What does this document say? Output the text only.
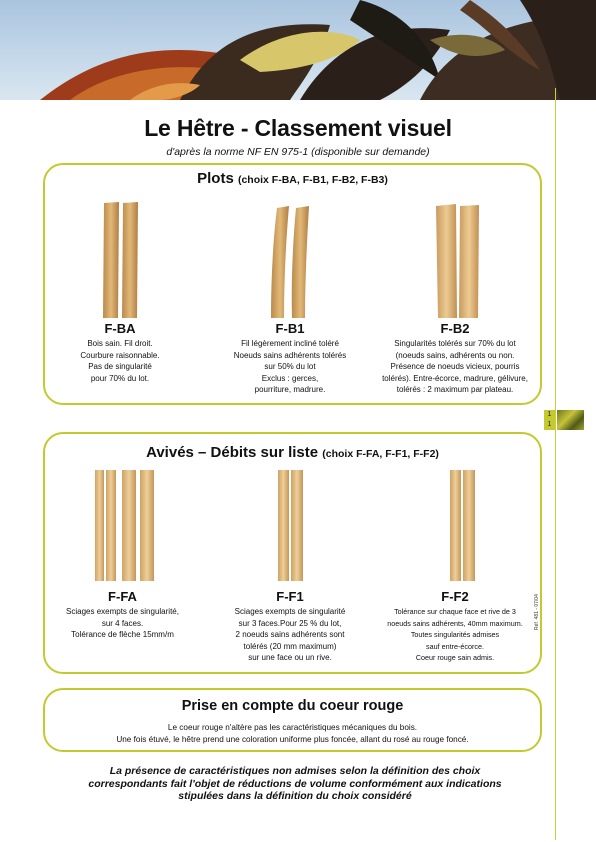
Le Hêtre - Classement visuel
d'après la norme NF EN 975-1 (disponible sur demande)
Plots (choix F-BA, F-B1, F-B2, F-B3)
F-BA
Bois sain. Fil droit.
Courbure raisonnable.
Pas de singularité
pour 70% du lot.
F-B1
Fil légèrement incliné toléré
Noeuds sains adhérents tolérés
sur 50% du lot
Exclus : gerces,
pourriture, madrure.
F-B2
Singularités tolérés sur 70% du lot
(noeuds sains, adhérents ou non.
Présence de noeuds vicieux, pourris
tolérés). Entre-écorce, madrure, gélivure,
tolérés : 2 maximum par plateau.
1
1
Avivés – Débits sur liste (choix F-FA, F-F1, F-F2)
F-FA
Sciages exempts de singularité,
sur 4 faces.
Tolérance de flèche 15mm/m
F-F1
Sciages exempts de singularité
sur 3 faces.Pour 25 % du lot,
2 noeuds sains adhérents sont
tolérés (20 mm maximum)
sur une face ou un rive.
F-F2
Tolérance sur chaque face et rive de 3
noeuds sains adhérents, 40mm maximum.
Toutes singularités admises
sauf entre-écorce.
Coeur rouge sain admis.
Réf. 481 - 07/04
Prise en compte du coeur rouge
Le coeur rouge n'altère pas les caractéristiques mécaniques du bois.
Une fois étuvé, le hêtre prend une coloration uniforme plus foncée, allant du rosé au rouge foncé.
La présence de caractéristiques non admises selon la définition des choix
correspondants fait l'objet de réductions de volume conformément aux indications
stipulées dans la définition du choix considéré
